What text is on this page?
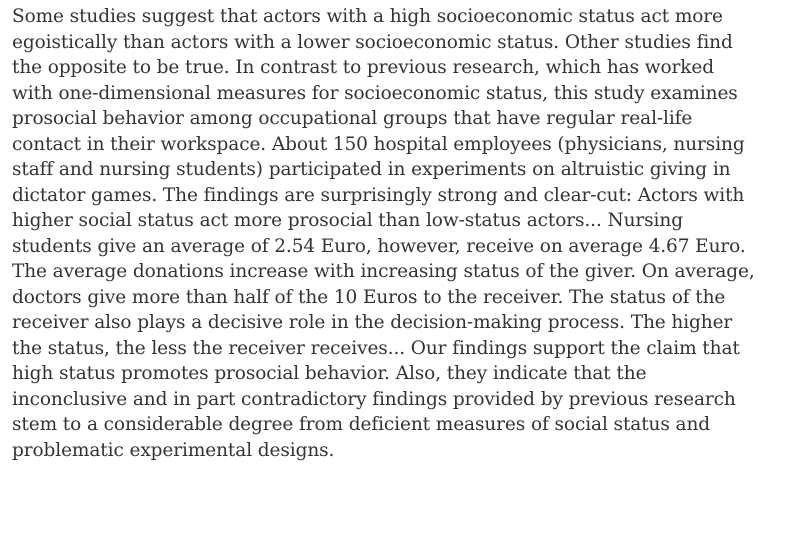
Some studies suggest that actors with a high socioeconomic status act more
egoistically than actors with a lower socioeconomic status. Other studies find
the opposite to be true. In contrast to previous research, which has worked
with one-dimensional measures for socioeconomic status, this study examines
prosocial behavior among occupational groups that have regular real-life
contact in their workspace. About 150 hospital employees (physicians, nursing
staff and nursing students) participated in experiments on altruistic giving in
dictator games. The findings are surprisingly strong and clear-cut: Actors with
higher social status act more prosocial than low-status actors... Nursing
students give an average of 2.54 Euro, however, receive on average 4.67 Euro.
The average donations increase with increasing status of the giver. On average,
doctors give more than half of the 10 Euros to the receiver. The status of the
receiver also plays a decisive role in the decision-making process. The higher
the status, the less the receiver receives... Our findings support the claim that
high status promotes prosocial behavior. Also, they indicate that the
inconclusive and in part contradictory findings provided by previous research
stem to a considerable degree from deficient measures of social status and
problematic experimental designs.
